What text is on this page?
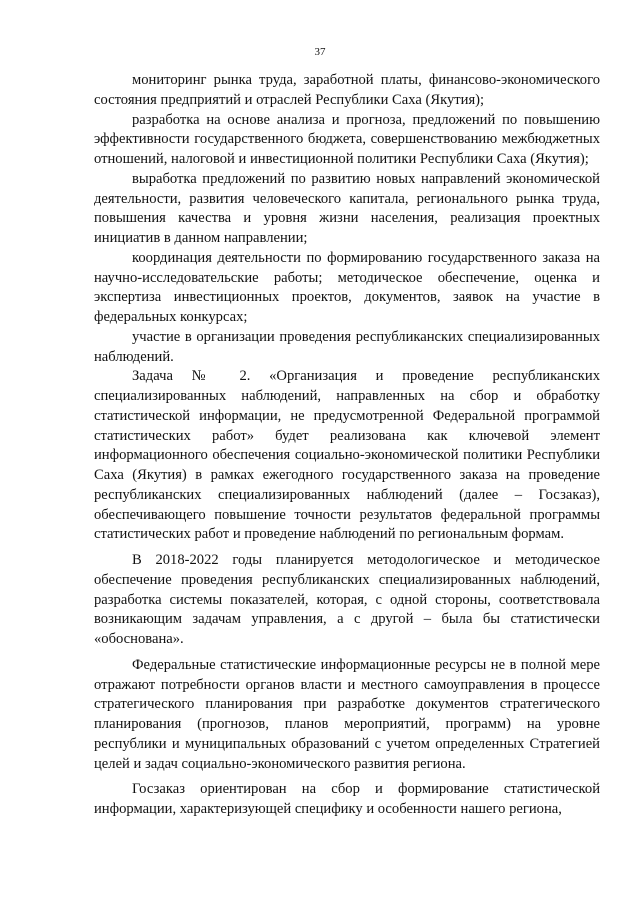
37

мониторинг рынка труда, заработной платы, финансово-экономического состояния предприятий и отраслей Республики Саха (Якутия);

разработка на основе анализа и прогноза, предложений по повышению эффективности государственного бюджета, совершенствованию межбюджетных отношений, налоговой и инвестиционной политики Республики Саха (Якутия);

выработка предложений по развитию новых направлений экономической деятельности, развития человеческого капитала, регионального рынка труда, повышения качества и уровня жизни населения, реализация проектных инициатив в данном направлении;

координация деятельности по формированию государственного заказа на научно-исследовательские работы; методическое обеспечение, оценка и экспертиза инвестиционных проектов, документов, заявок на участие в федеральных конкурсах;

участие в организации проведения республиканских специализированных наблюдений.

Задача № 2. «Организация и проведение республиканских специализированных наблюдений, направленных на сбор и обработку статистической информации, не предусмотренной Федеральной программой статистических работ» будет реализована как ключевой элемент информационного обеспечения социально-экономической политики Республики Саха (Якутия) в рамках ежегодного государственного заказа на проведение республиканских специализированных наблюдений (далее – Госзаказ), обеспечивающего повышение точности результатов федеральной программы статистических работ и проведение наблюдений по региональным формам.

В 2018-2022 годы планируется методологическое и методическое обеспечение проведения республиканских специализированных наблюдений, разработка системы показателей, которая, с одной стороны, соответствовала возникающим задачам управления, а с другой – была бы статистически «обоснована».

Федеральные статистические информационные ресурсы не в полной мере отражают потребности органов власти и местного самоуправления в процессе стратегического планирования при разработке документов стратегического планирования (прогнозов, планов мероприятий, программ) на уровне республики и муниципальных образований с учетом определенных Стратегией целей и задач социально-экономического развития региона.

Госзаказ ориентирован на сбор и формирование статистической информации, характеризующей специфику и особенности нашего региона,
